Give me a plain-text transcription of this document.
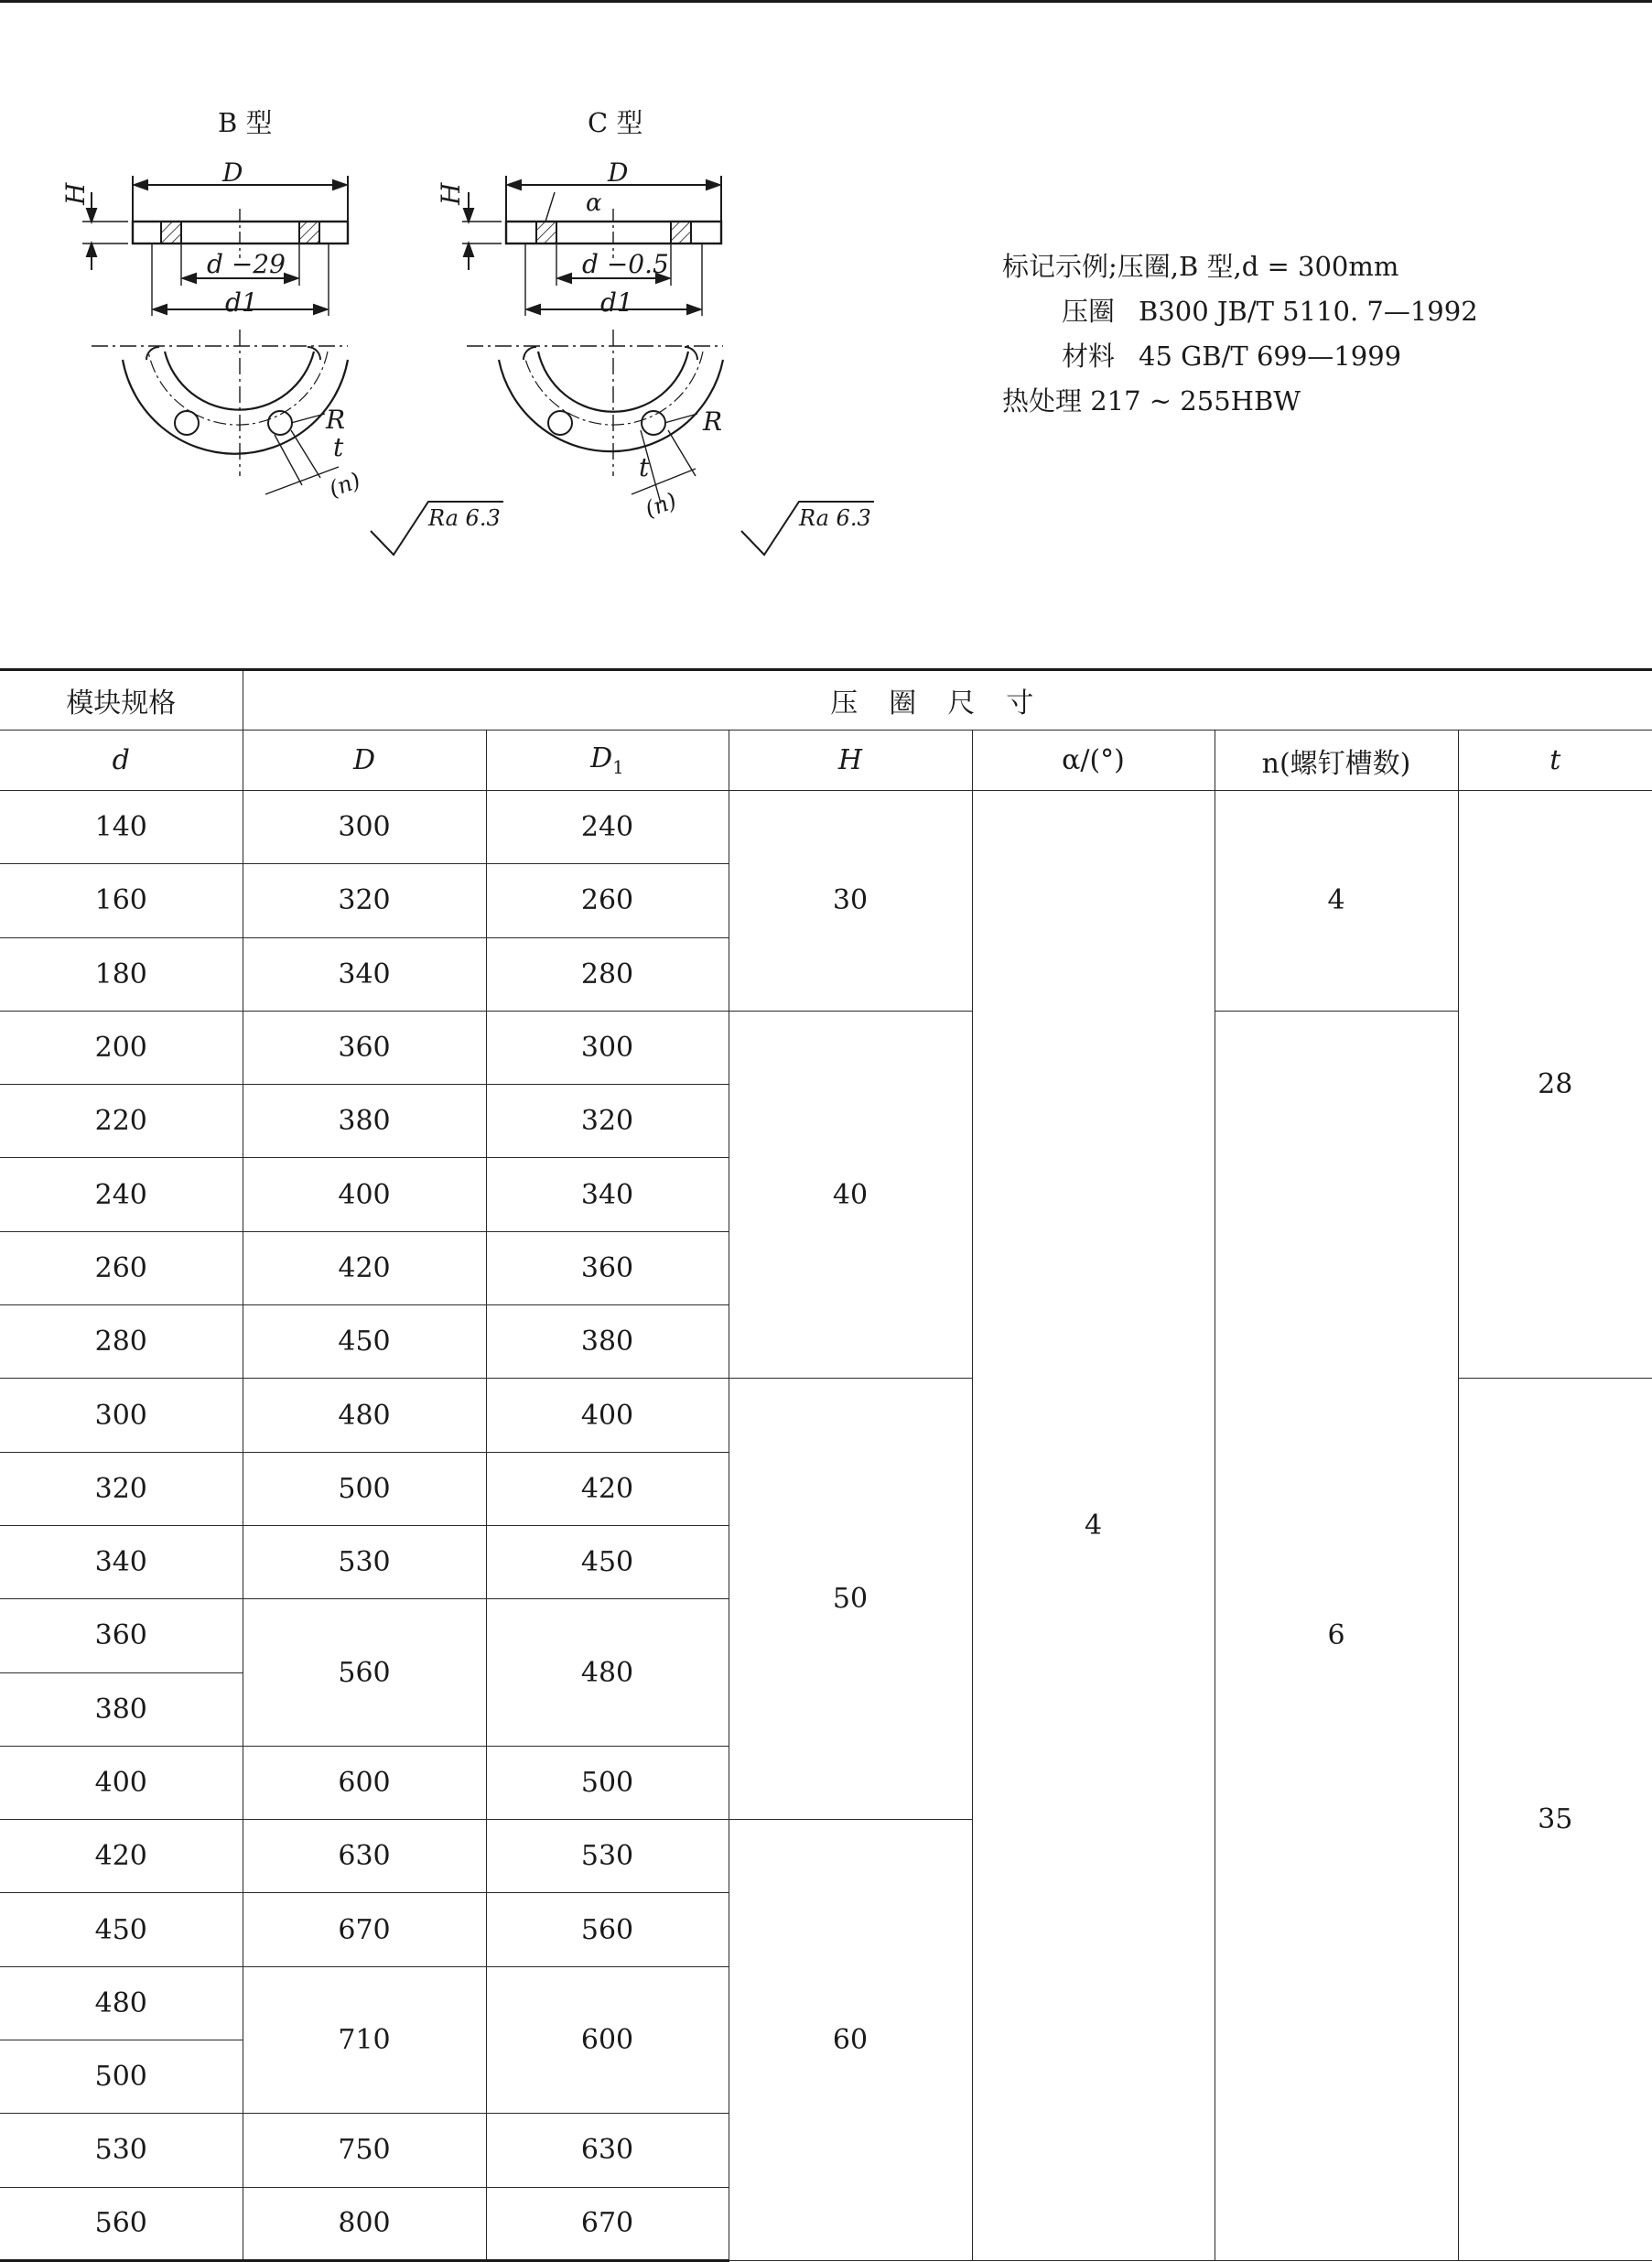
B 型	C 型
D
H
R
t
(n)
d −29
d1
D
H	α
R
t
(n)
d −0.5
d1
Ra 6.3	Ra 6.3
标记示例;压圈,B 型,d = 300mm
压圈 B300 JB/T 5110. 7—1992
材料 45 GB/T 699—1999
热处理 217 ~ 255HBW
模块规格	压圈尺寸					
d	D	$D_1$	H	α/(°)	n(螺钉槽数)	t
140	300	240	30	4	4	28
160	320	260				
180	340	280				
200	360	300	40		6	
220	380	320				
240	400	340				
260	420	360				
280	450	380				
300	480	400	50			35
320	500	420				
340	530	450				
360	560	480				
380						
400	600	500				
420	630	530	60			
450	670	560				
480	710	600				
500						
530	750	630				
560	800	670				
